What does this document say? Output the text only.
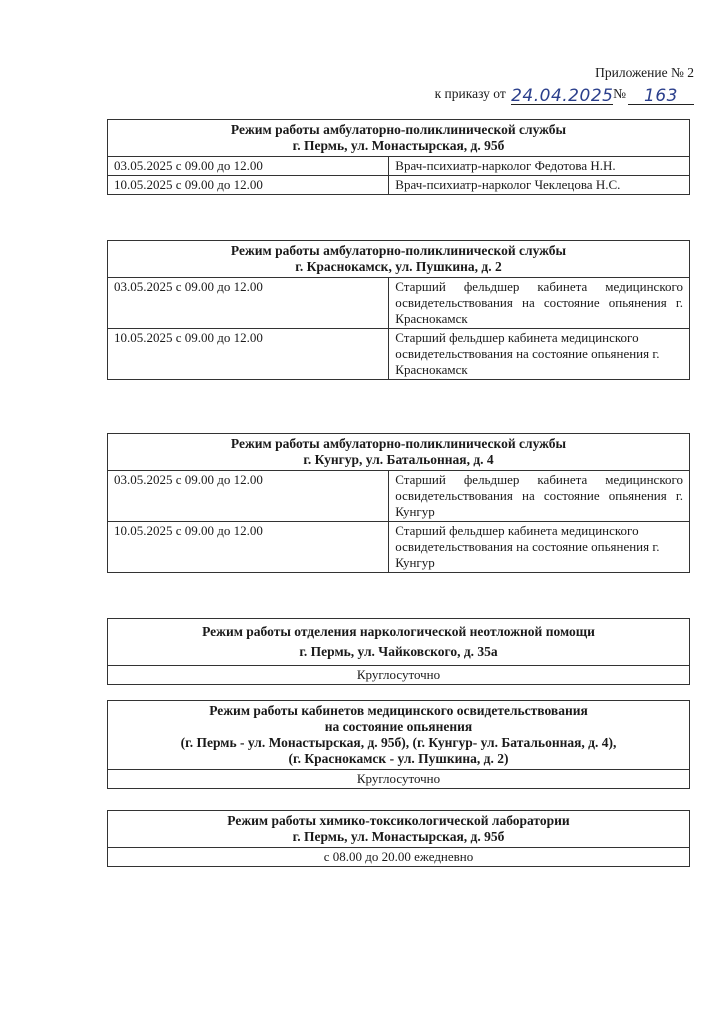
Приложение № 2
к приказу от 24.04.2025№ 163
Режим работы амбулаторно-поликлинической службы
г. Пермь, ул. Монастырская, д. 95б	

03.05.2025 с 09.00 до 12.00	Врач-психиатр-нарколог Федотова Н.Н.
10.05.2025 с 09.00 до 12.00	Врач-психиатр-нарколог Чеклецова Н.С.
Режим работы амбулаторно-поликлинической службы
г. Краснокамск, ул. Пушкина, д. 2	

03.05.2025 с 09.00 до 12.00	Старший фельдшер кабинета медицинского освидетельствования на состояние опьянения г. Краснокамск
10.05.2025 с 09.00 до 12.00	Старший фельдшер кабинета медицинского освидетельствования на состояние опьянения г. Краснокамск
Режим работы амбулаторно-поликлинической службы
г. Кунгур, ул. Батальонная, д. 4	

03.05.2025 с 09.00 до 12.00	Старший фельдшер кабинета медицинского освидетельствования на состояние опьянения г. Кунгур
10.05.2025 с 09.00 до 12.00	Старший фельдшер кабинета медицинского освидетельствования на состояние опьянения г. Кунгур
Режим работы отделения наркологической неотложной помощи
г. Пермь, ул. Чайковского, д. 35а

Круглосуточно
Режим работы кабинетов медицинского освидетельствования
на состояние опьянения
(г. Пермь - ул. Монастырская, д. 95б), (г. Кунгур- ул. Батальонная, д. 4),
(г. Краснокамск - ул. Пушкина, д. 2)

Круглосуточно
Режим работы химико-токсикологической лаборатории
г. Пермь, ул. Монастырская, д. 95б

с 08.00 до 20.00 ежедневно
